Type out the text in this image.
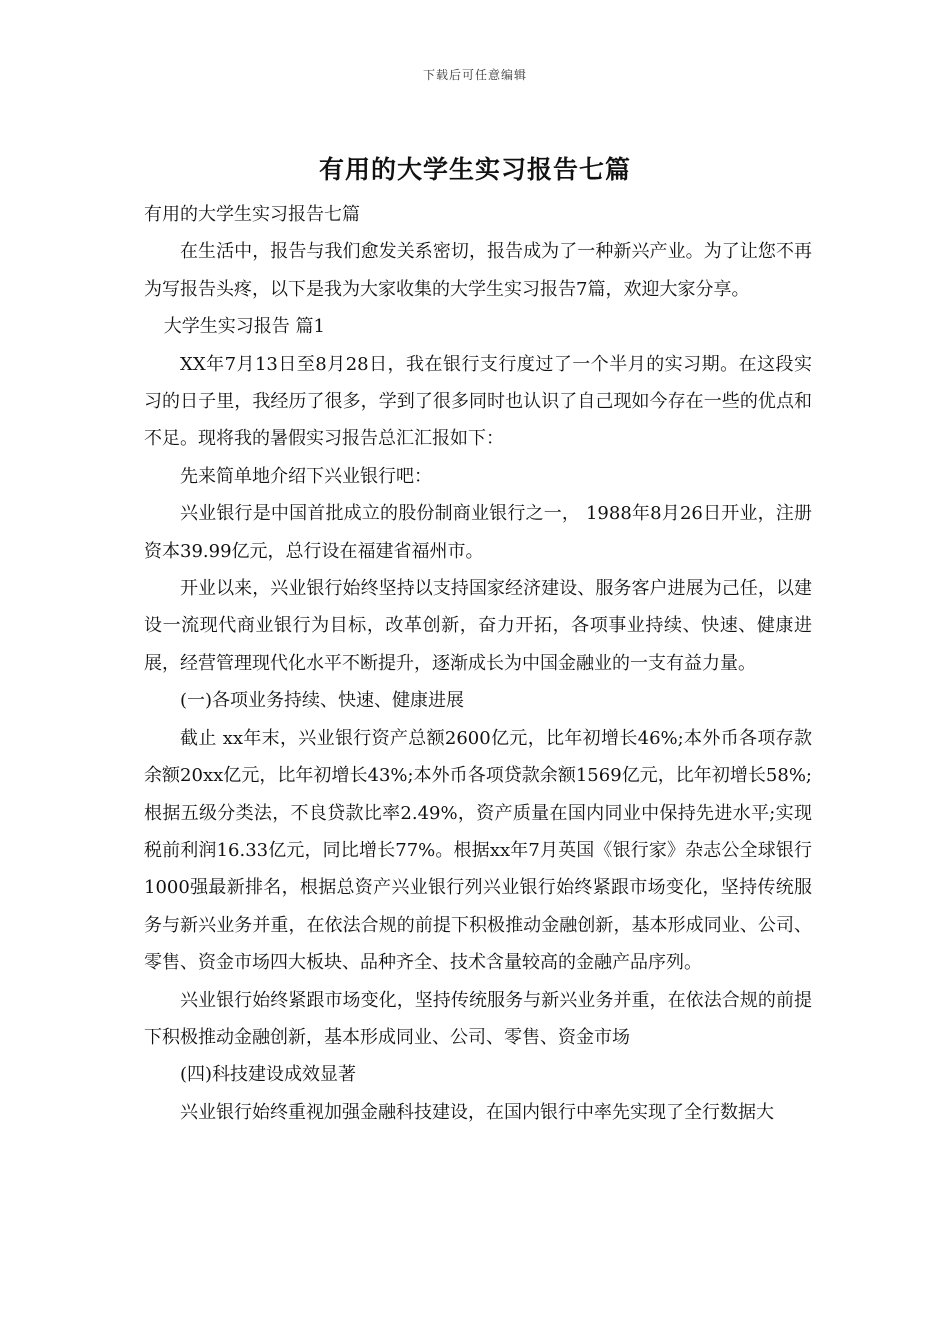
下载后可任意编辑
有用的大学生实习报告七篇

有用的大学生实习报告七篇

在生活中，报告与我们愈发关系密切，报告成为了一种新兴产业。为了让您不再为写报告头疼，以下是我为大家收集的大学生实习报告7篇，欢迎大家分享。

大学生实习报告 篇1

XX年7月13日至8月28日，我在银行支行度过了一个半月的实习期。在这段实习的日子里，我经历了很多，学到了很多同时也认识了自己现如今存在一些的优点和不足。现将我的暑假实习报告总汇汇报如下：

先来简单地介绍下兴业银行吧：

兴业银行是中国首批成立的股份制商业银行之一， 1988年8月26日开业，注册资本39.99亿元，总行设在福建省福州市。

开业以来，兴业银行始终坚持以支持国家经济建设、服务客户进展为己任，以建设一流现代商业银行为目标，改革创新，奋力开拓，各项事业持续、快速、健康进展，经营管理现代化水平不断提升，逐渐成长为中国金融业的一支有益力量。

(一)各项业务持续、快速、健康进展

截止 xx年末，兴业银行资产总额2600亿元，比年初增长46%;本外币各项存款余额20xx亿元，比年初增长43%;本外币各项贷款余额1569亿元，比年初增长58%;根据五级分类法，不良贷款比率2.49%，资产质量在国内同业中保持先进水平;实现税前利润16.33亿元，同比增长77%。根据xx年7月英国《银行家》杂志公全球银行1000强最新排名，根据总资产兴业银行列兴业银行始终紧跟市场变化，坚持传统服务与新兴业务并重，在依法合规的前提下积极推动金融创新，基本形成同业、公司、零售、资金市场四大板块、品种齐全、技术含量较高的金融产品序列。

兴业银行始终紧跟市场变化，坚持传统服务与新兴业务并重，在依法合规的前提下积极推动金融创新，基本形成同业、公司、零售、资金市场

(四)科技建设成效显著

兴业银行始终重视加强金融科技建设，在国内银行中率先实现了全行数据大
